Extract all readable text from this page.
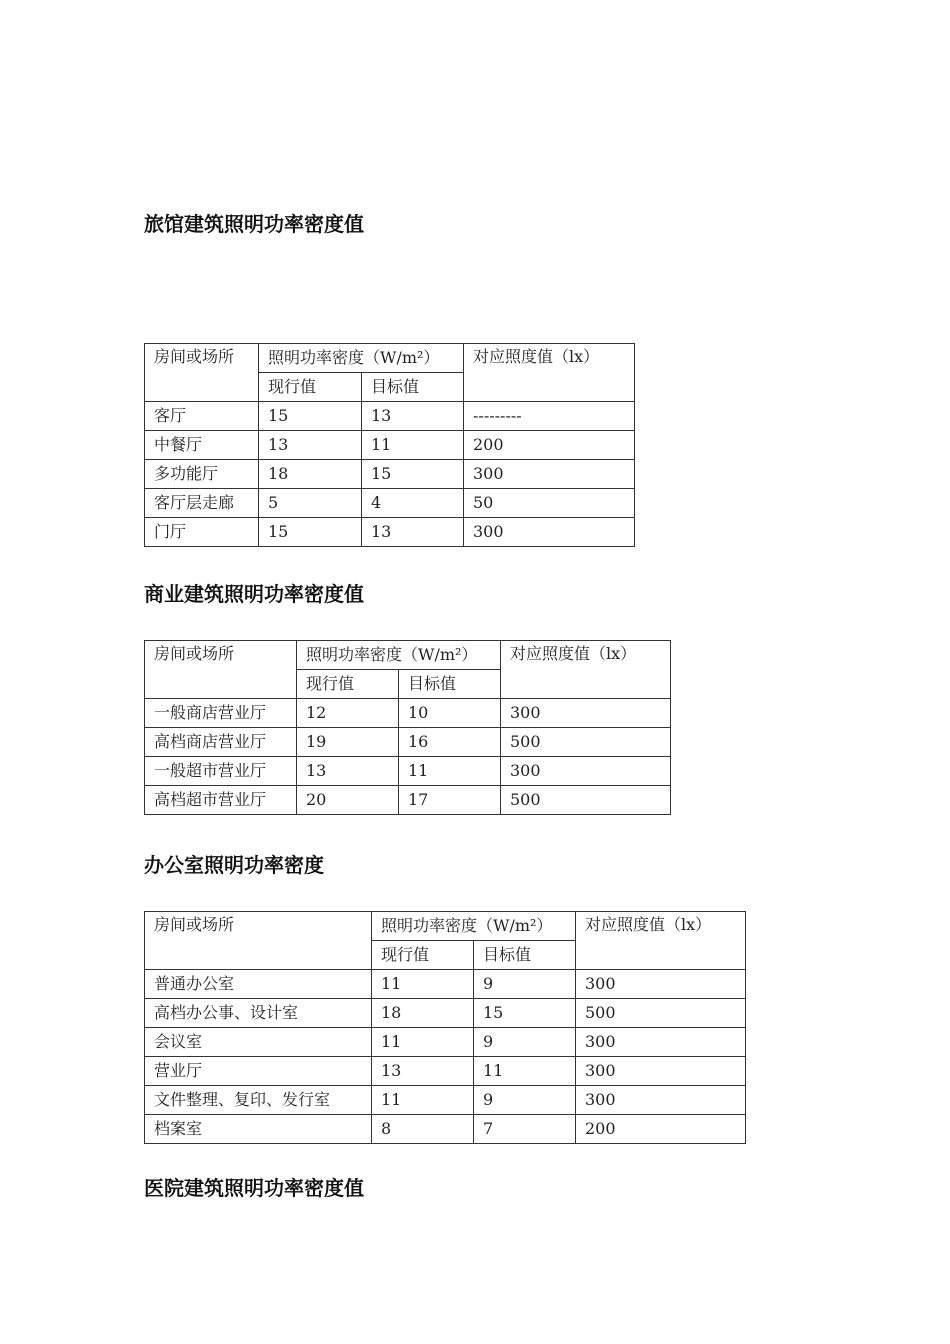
旅馆建筑照明功率密度值
房间或场所	照明功率密度（W/m²）		对应照度值（lx）
	现行值	目标值	
客厅	15	13	---------
中餐厅	13	11	200
多功能厅	18	15	300
客厅层走廊	5	4	50
门厅	15	13	300
商业建筑照明功率密度值
房间或场所	照明功率密度（W/m²）		对应照度值（lx）
	现行值	目标值	
一般商店营业厅	12	10	300
高档商店营业厅	19	16	500
一般超市营业厅	13	11	300
高档超市营业厅	20	17	500
办公室照明功率密度
房间或场所	照明功率密度（W/m²）		对应照度值（lx）
	现行值	目标值	
普通办公室	11	9	300
高档办公事、设计室	18	15	500
会议室	11	9	300
营业厅	13	11	300
文件整理、复印、发行室	11	9	300
档案室	8	7	200
医院建筑照明功率密度值
